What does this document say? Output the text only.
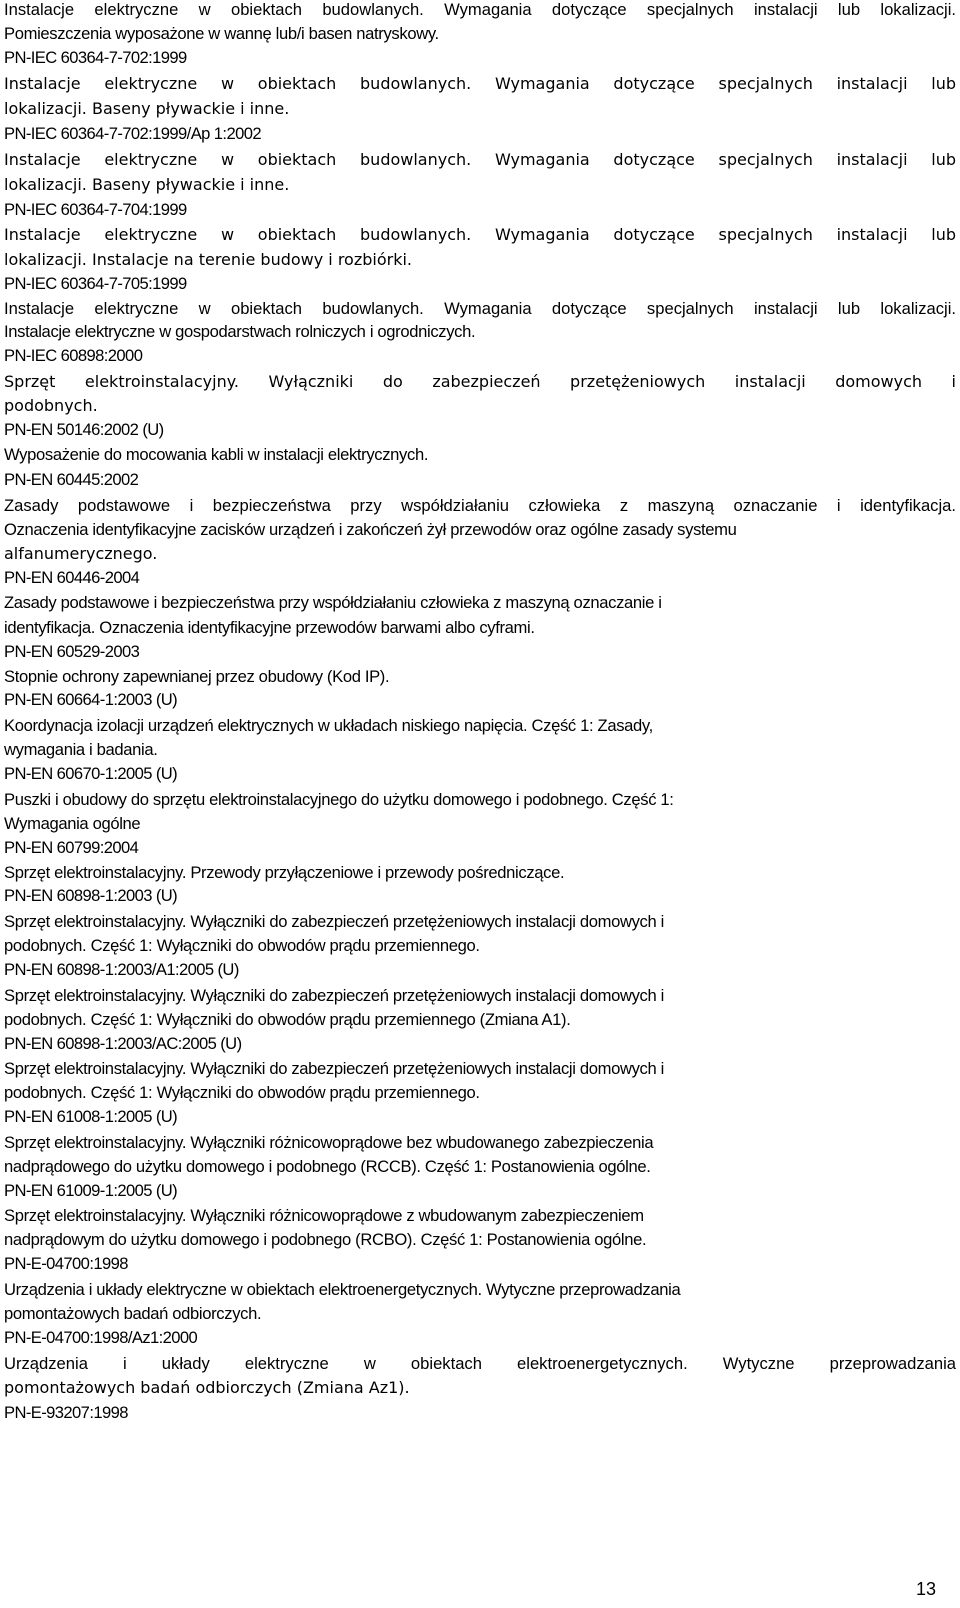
Instalacje elektryczne w obiektach budowlanych. Wymagania dotyczące specjalnych instalacji lub lokalizacji.
Pomieszczenia wyposażone w wannę lub/i basen natryskowy.
PN-IEC 60364-7-702:1999
Instalacje elektryczne w obiektach budowlanych. Wymagania dotyczące specjalnych instalacji lub
lokalizacji. Baseny pływackie i inne.
PN-IEC 60364-7-702:1999/Ap 1:2002
Instalacje elektryczne w obiektach budowlanych. Wymagania dotyczące specjalnych instalacji lub
lokalizacji. Baseny pływackie i inne.
PN-IEC 60364-7-704:1999
Instalacje elektryczne w obiektach budowlanych. Wymagania dotyczące specjalnych instalacji lub
lokalizacji. Instalacje na terenie budowy i rozbiórki.
PN-IEC 60364-7-705:1999
Instalacje elektryczne w obiektach budowlanych. Wymagania dotyczące specjalnych instalacji lub lokalizacji.
Instalacje elektryczne w gospodarstwach rolniczych i ogrodniczych.
PN-IEC 60898:2000
Sprzęt elektroinstalacyjny. Wyłączniki do zabezpieczeń przetężeniowych instalacji domowych i
podobnych.
PN-EN 50146:2002 (U)
Wyposażenie do mocowania kabli w instalacji elektrycznych.
PN-EN 60445:2002
Zasady podstawowe i bezpieczeństwa przy współdziałaniu człowieka z maszyną oznaczanie i identyfikacja.
Oznaczenia identyfikacyjne zacisków urządzeń i zakończeń żył przewodów oraz ogólne zasady systemu
alfanumerycznego.
PN-EN 60446-2004
Zasady podstawowe i bezpieczeństwa przy współdziałaniu człowieka z maszyną oznaczanie i
identyfikacja. Oznaczenia identyfikacyjne przewodów barwami albo cyframi.
PN-EN 60529-2003
Stopnie ochrony zapewnianej przez obudowy (Kod IP).
PN-EN 60664-1:2003 (U)
Koordynacja izolacji urządzeń elektrycznych w układach niskiego napięcia. Część 1: Zasady,
wymagania i badania.
PN-EN 60670-1:2005 (U)
Puszki i obudowy do sprzętu elektroinstalacyjnego do użytku domowego i podobnego. Część 1:
Wymagania ogólne
PN-EN 60799:2004
Sprzęt elektroinstalacyjny. Przewody przyłączeniowe i przewody pośredniczące.
PN-EN 60898-1:2003 (U)
Sprzęt elektroinstalacyjny. Wyłączniki do zabezpieczeń przetężeniowych instalacji domowych i
podobnych. Część 1: Wyłączniki do obwodów prądu przemiennego.
PN-EN 60898-1:2003/A1:2005 (U)
Sprzęt elektroinstalacyjny. Wyłączniki do zabezpieczeń przetężeniowych instalacji domowych i
podobnych. Część 1: Wyłączniki do obwodów prądu przemiennego (Zmiana A1).
PN-EN 60898-1:2003/AC:2005 (U)
Sprzęt elektroinstalacyjny. Wyłączniki do zabezpieczeń przetężeniowych instalacji domowych i
podobnych. Część 1: Wyłączniki do obwodów prądu przemiennego.
PN-EN 61008-1:2005 (U)
Sprzęt elektroinstalacyjny. Wyłączniki różnicowoprądowe bez wbudowanego zabezpieczenia
nadprądowego do użytku domowego i podobnego (RCCB). Część 1: Postanowienia ogólne.
PN-EN 61009-1:2005 (U)
Sprzęt elektroinstalacyjny. Wyłączniki różnicowoprądowe z wbudowanym zabezpieczeniem
nadprądowym do użytku domowego i podobnego (RCBO). Część 1: Postanowienia ogólne.
PN-E-04700:1998
Urządzenia i układy elektryczne w obiektach elektroenergetycznych. Wytyczne przeprowadzania
pomontażowych badań odbiorczych.
PN-E-04700:1998/Az1:2000
Urządzenia i układy elektryczne w obiektach elektroenergetycznych. Wytyczne przeprowadzania
pomontażowych badań odbiorczych (Zmiana Az1).
PN-E-93207:1998
13
